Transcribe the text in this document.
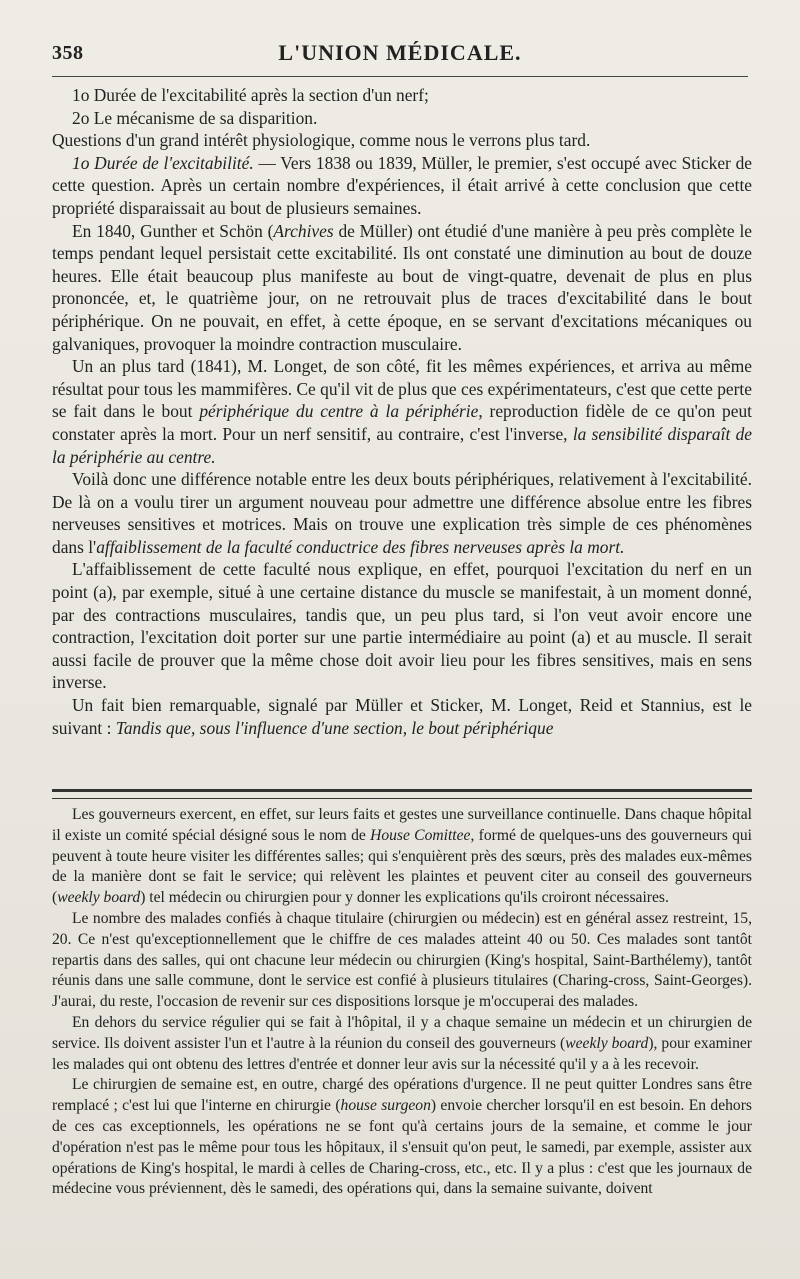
358	L'UNION MÉDICALE.

1o Durée de l'excitabilité après la section d'un nerf;

2o Le mécanisme de sa disparition.

Questions d'un grand intérêt physiologique, comme nous le verrons plus tard.

1o Durée de l'excitabilité. — Vers 1838 ou 1839, Müller, le premier, s'est occupé avec Sticker de cette question. Après un certain nombre d'expériences, il était arrivé à cette conclusion que cette propriété disparaissait au bout de plusieurs semaines.

En 1840, Gunther et Schön (Archives de Müller) ont étudié d'une manière à peu près complète le temps pendant lequel persistait cette excitabilité. Ils ont constaté une diminution au bout de douze heures. Elle était beaucoup plus manifeste au bout de vingt-quatre, devenait de plus en plus prononcée, et, le quatrième jour, on ne retrouvait plus de traces d'excitabilité dans le bout périphérique. On ne pouvait, en effet, à cette époque, en se servant d'excitations mécaniques ou galvaniques, provoquer la moindre contraction musculaire.

Un an plus tard (1841), M. Longet, de son côté, fit les mêmes expériences, et arriva au même résultat pour tous les mammifères. Ce qu'il vit de plus que ces expérimentateurs, c'est que cette perte se fait dans le bout périphérique du centre à la périphérie, reproduction fidèle de ce qu'on peut constater après la mort. Pour un nerf sensitif, au contraire, c'est l'inverse, la sensibilité disparaît de la périphérie au centre.

Voilà donc une différence notable entre les deux bouts périphériques, relativement à l'excitabilité. De là on a voulu tirer un argument nouveau pour admettre une différence absolue entre les fibres nerveuses sensitives et motrices. Mais on trouve une explication très simple de ces phénomènes dans l'affaiblissement de la faculté conductrice des fibres nerveuses après la mort.

L'affaiblissement de cette faculté nous explique, en effet, pourquoi l'excitation du nerf en un point (a), par exemple, situé à une certaine distance du muscle se manifestait, à un moment donné, par des contractions musculaires, tandis que, un peu plus tard, si l'on veut avoir encore une contraction, l'excitation doit porter sur une partie intermédiaire au point (a) et au muscle. Il serait aussi facile de prouver que la même chose doit avoir lieu pour les fibres sensitives, mais en sens inverse.

Un fait bien remarquable, signalé par Müller et Sticker, M. Longet, Reid et Stannius, est le suivant : Tandis que, sous l'influence d'une section, le bout périphérique

Les gouverneurs exercent, en effet, sur leurs faits et gestes une surveillance continuelle. Dans chaque hôpital il existe un comité spécial désigné sous le nom de House Comittee, formé de quelques-uns des gouverneurs qui peuvent à toute heure visiter les différentes salles; qui s'enquièrent près des sœurs, près des malades eux-mêmes de la manière dont se fait le service; qui relèvent les plaintes et peuvent citer au conseil des gouverneurs (weekly board) tel médecin ou chirurgien pour y donner les explications qu'ils croiront nécessaires.

Le nombre des malades confiés à chaque titulaire (chirurgien ou médecin) est en général assez restreint, 15, 20. Ce n'est qu'exceptionnellement que le chiffre de ces malades atteint 40 ou 50. Ces malades sont tantôt repartis dans des salles, qui ont chacune leur médecin ou chirurgien (King's hospital, Saint-Barthélemy), tantôt réunis dans une salle commune, dont le service est confié à plusieurs titulaires (Charing-cross, Saint-Georges). J'aurai, du reste, l'occasion de revenir sur ces dispositions lorsque je m'occuperai des malades.

En dehors du service régulier qui se fait à l'hôpital, il y a chaque semaine un médecin et un chirurgien de service. Ils doivent assister l'un et l'autre à la réunion du conseil des gouverneurs (weekly board), pour examiner les malades qui ont obtenu des lettres d'entrée et donner leur avis sur la nécessité qu'il y a à les recevoir.

Le chirurgien de semaine est, en outre, chargé des opérations d'urgence. Il ne peut quitter Londres sans être remplacé ; c'est lui que l'interne en chirurgie (house surgeon) envoie chercher lorsqu'il en est besoin. En dehors de ces cas exceptionnels, les opérations ne se font qu'à certains jours de la semaine, et comme le jour d'opération n'est pas le même pour tous les hôpitaux, il s'ensuit qu'on peut, le samedi, par exemple, assister aux opérations de King's hospital, le mardi à celles de Charing-cross, etc., etc. Il y a plus : c'est que les journaux de médecine vous préviennent, dès le samedi, des opérations qui, dans la semaine suivante, doivent
